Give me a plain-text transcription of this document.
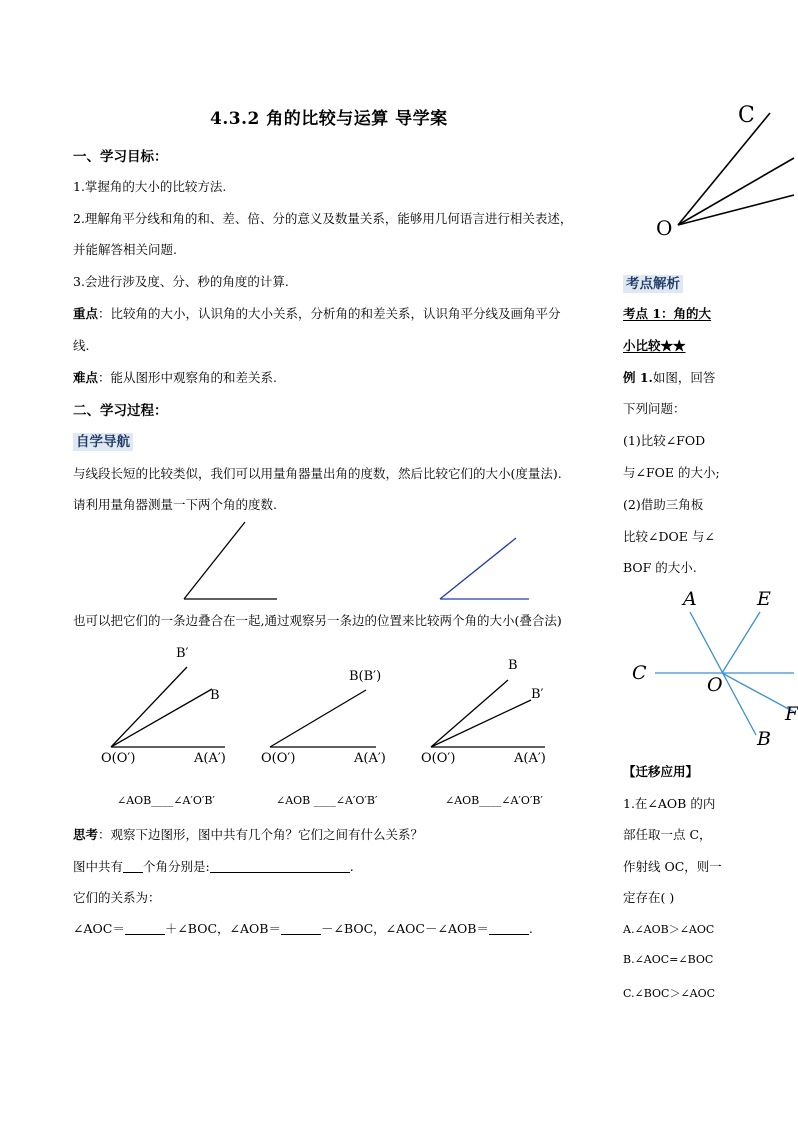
4.3.2 角的比较与运算 导学案
一、学习目标：
1.掌握角的大小的比较方法.
2.理解角平分线和角的和、差、倍、分的意义及数量关系，能够用几何语言进行相关表述，
并能解答相关问题.
3.会进行涉及度、分、秒的角度的计算.
重点：比较角的大小，认识角的大小关系，分析角的和差关系，认识角平分线及画角平分
线.
难点：能从图形中观察角的和差关系.
二、学习过程：
自学导航
与线段长短的比较类似，我们可以用量角器量出角的度数，然后比较它们的大小(度量法).
请利用量角器测量一下两个角的度数.
也可以把它们的一条边叠合在一起,通过观察另一条边的位置来比较两个角的大小(叠合法)
B′
B
O(O′)	A(A′)
B(B′)
O(O′)	A(A′)
B
B′
O(O′)	A(A′)
∠AOB____∠A′O′B′	∠AOB ____∠A′O′B′	∠AOB____∠A′O′B′
思考：观察下边图形，图中共有几个角？它们之间有什么关系？
图中共有 个角分别是:	.
它们的关系为：
∠AOC＝	＋∠BOC，∠AOB＝	－∠BOC，∠AOC－∠AOB＝	.
C
O
考点解析
考点 1：角的大
小比较★★
例 1.如图，回答
下列问题：
(1)比较∠FOD
与∠FOE 的大小;
(2)借助三角板
比较∠DOE 与∠
BOF 的大小.
A	E
C
O
F
B
【迁移应用】
1.在∠AOB 的内
部任取一点 C，
作射线 OC，则一
定存在( )
A.∠AOB＞∠AOC
B.∠AOC=∠BOC
C.∠BOC＞∠AOC
